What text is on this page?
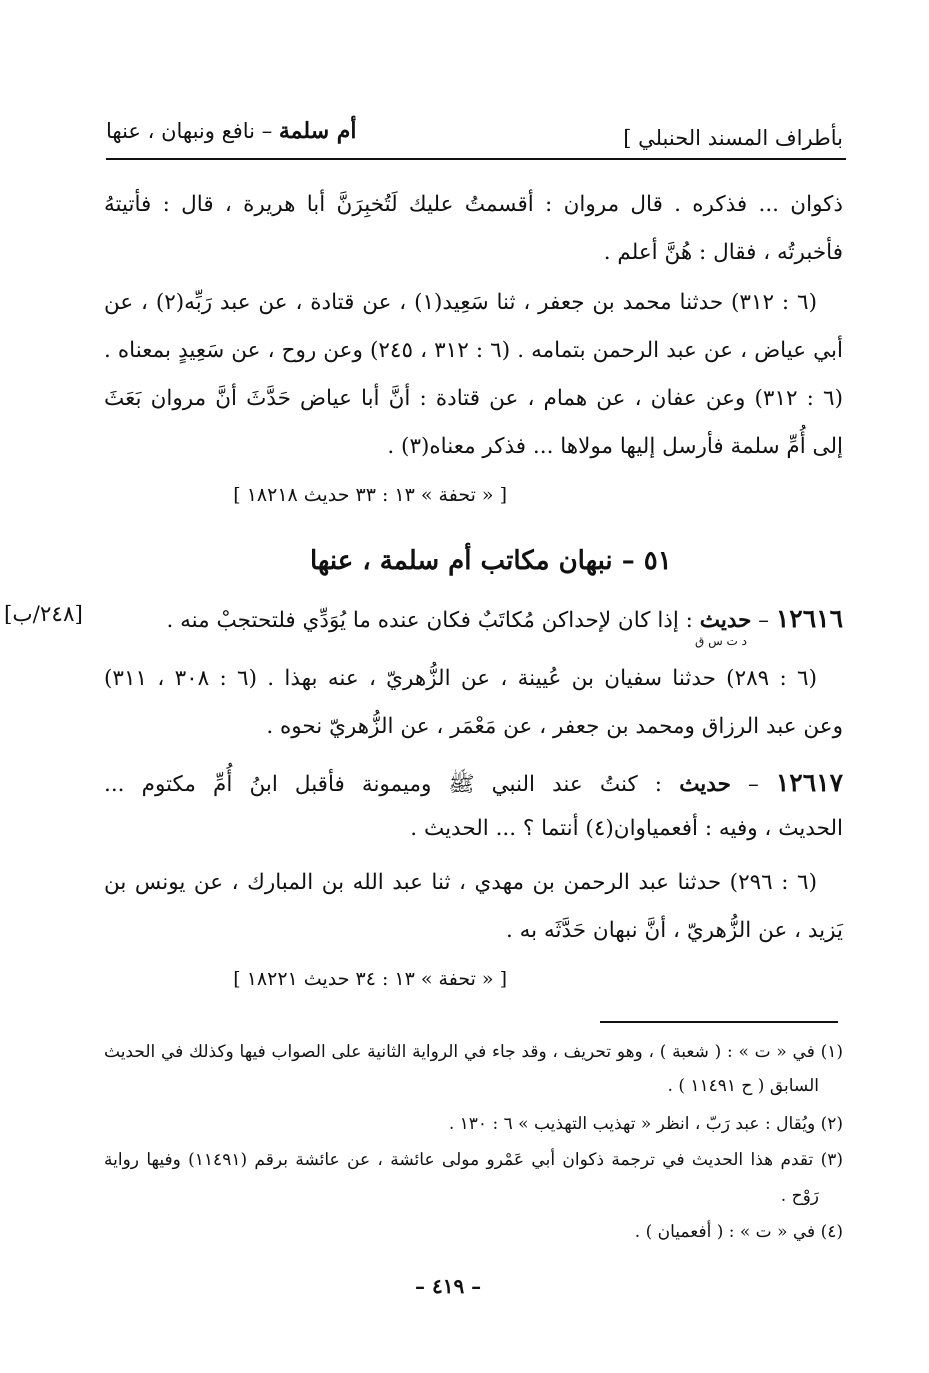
بأطراف المسند الحنبلي ]
أم سلمة – نافع ونبهان ، عنها
ذكوان ... فذكره . قال مروان : أقسمتُ عليك لَتُخبِرَنَّ أبا هريرة ، قال : فأتيتهُ
فأخبرتُه ، فقال : هُنَّ أعلم .
(٦ : ٣١٢) حدثنا محمد بن جعفر ، ثنا سَعِيد(١) ، عن قتادة ، عن عبد رَبِّه(٢) ، عن
أبي عياض ، عن عبد الرحمن بتمامه . (٦ : ٣١٢ ، ٢٤٥) وعن روح ، عن سَعِيدٍ بمعناه .
(٦ : ٣١٢) وعن عفان ، عن همام ، عن قتادة : أنَّ أبا عياض حَدَّثَ أنَّ مروان بَعَثَ
إلى أُمِّ سلمة فأرسل إليها مولاها ... فذكر معناه(٣) .
[ « تحفة » ١٣ : ٣٣ حديث ١٨٢١٨ ]
٥١ – نبهان مكاتب أم سلمة ، عنها
١٢٦١٦ – حديث : إذا كان لإحداكن مُكاتَبٌ فكان عنده ما يُوَدِّي فلتحتجبْ منه .
د ت س ق
[٢٤٨/ب]
(٦ : ٢٨٩) حدثنا سفيان بن عُيينة ، عن الزُّهريّ ، عنه بهذا . (٦ : ٣٠٨ ، ٣١١)
وعن عبد الرزاق ومحمد بن جعفر ، عن مَعْمَر ، عن الزُّهريّ نحوه .
١٢٦١٧ – حديث : كنتُ عند النبي ﷺ وميمونة فأقبل ابنُ أُمِّ مكتوم ...
الحديث ، وفيه : أفعمياوان(٤) أنتما ؟ ... الحديث .
(٦ : ٢٩٦) حدثنا عبد الرحمن بن مهدي ، ثنا عبد الله بن المبارك ، عن يونس بن
يَزيد ، عن الزُّهريّ ، أنَّ نبهان حَدَّثَه به .
[ « تحفة » ١٣ : ٣٤ حديث ١٨٢٢١ ]
(١) في « ت » : ( شعبة ) ، وهو تحريف ، وقد جاء في الرواية الثانية على الصواب فيها وكذلك في الحديث
السابق ( ح ١١٤٩١ ) .
(٢) ويُقال : عبد رَبّ ، انظر « تهذيب التهذيب » ٦ : ١٣٠ .
(٣) تقدم هذا الحديث في ترجمة ذكوان أبي عَمْرو مولى عائشة ، عن عائشة برقم (١١٤٩١) وفيها رواية
رَوْح .
(٤) في « ت » : ( أفعميان ) .
– ٤١٩ –
